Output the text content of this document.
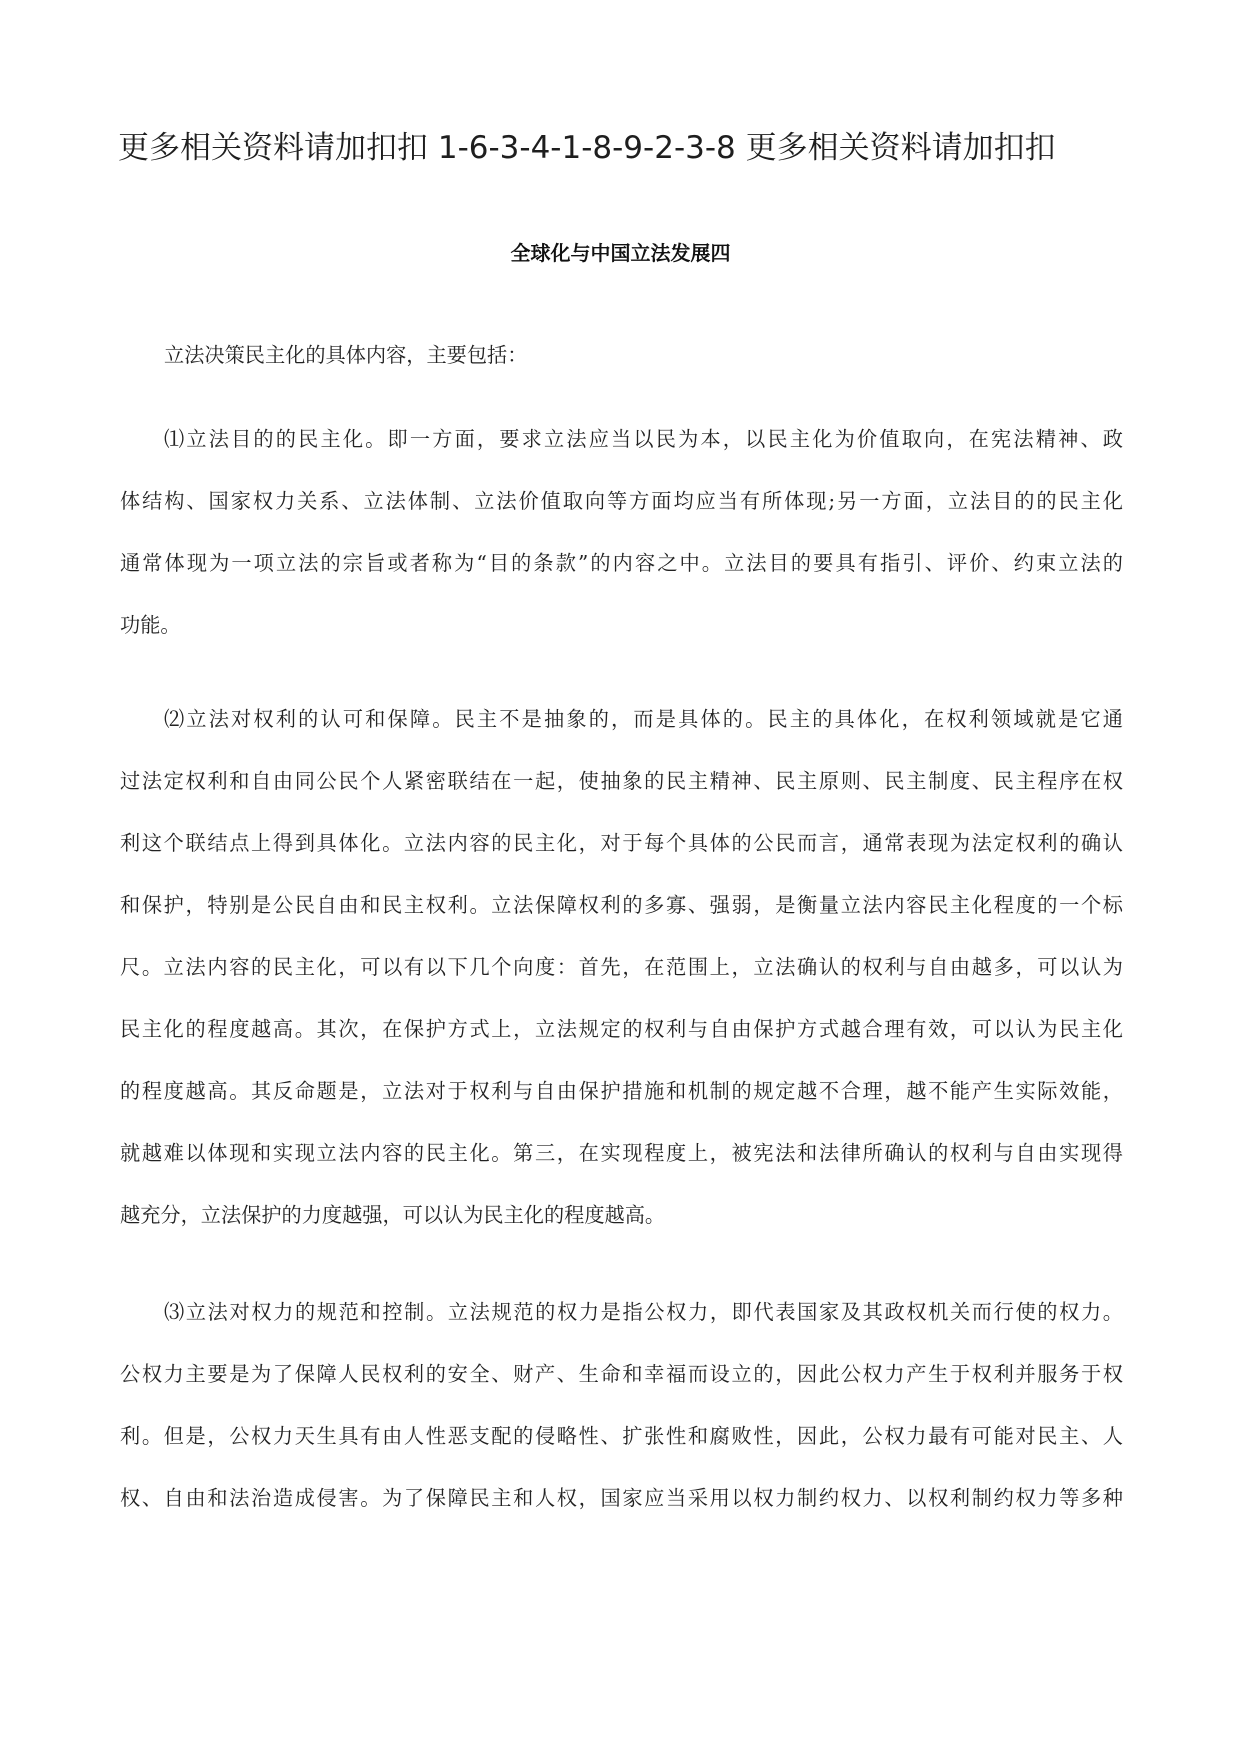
更多相关资料请加扣扣 1-6-3-4-1-8-9-2-3-8 更多相关资料请加扣扣
全球化与中国立法发展四
立法决策民主化的具体内容，主要包括：
⑴立法目的的民主化。即一方面，要求立法应当以民为本，以民主化为价值取向，在宪法精神、政
体结构、国家权力关系、立法体制、立法价值取向等方面均应当有所体现;另一方面，立法目的的民主化
通常体现为一项立法的宗旨或者称为“目的条款”的内容之中。立法目的要具有指引、评价、约束立法的
功能。
⑵立法对权利的认可和保障。民主不是抽象的，而是具体的。民主的具体化，在权利领域就是它通
过法定权利和自由同公民个人紧密联结在一起，使抽象的民主精神、民主原则、民主制度、民主程序在权
利这个联结点上得到具体化。立法内容的民主化，对于每个具体的公民而言，通常表现为法定权利的确认
和保护，特别是公民自由和民主权利。立法保障权利的多寡、强弱，是衡量立法内容民主化程度的一个标
尺。立法内容的民主化，可以有以下几个向度：首先，在范围上，立法确认的权利与自由越多，可以认为
民主化的程度越高。其次，在保护方式上，立法规定的权利与自由保护方式越合理有效，可以认为民主化
的程度越高。其反命题是，立法对于权利与自由保护措施和机制的规定越不合理，越不能产生实际效能，
就越难以体现和实现立法内容的民主化。第三，在实现程度上，被宪法和法律所确认的权利与自由实现得
越充分，立法保护的力度越强，可以认为民主化的程度越高。
⑶立法对权力的规范和控制。立法规范的权力是指公权力，即代表国家及其政权机关而行使的权力。
公权力主要是为了保障人民权利的安全、财产、生命和幸福而设立的，因此公权力产生于权利并服务于权
利。但是，公权力天生具有由人性恶支配的侵略性、扩张性和腐败性，因此，公权力最有可能对民主、人
权、自由和法治造成侵害。为了保障民主和人权，国家应当采用以权力制约权力、以权利制约权力等多种
